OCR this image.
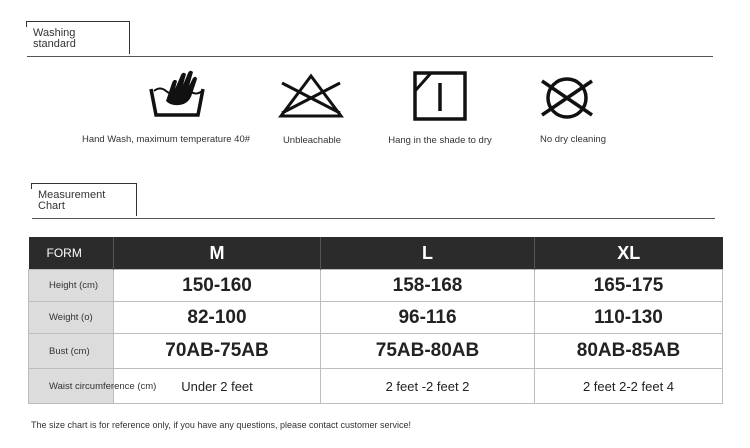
Washing standard
Hand Wash, maximum temperature 40#	Unbleachable	Hang in the shade to dry	No dry cleaning
Measurement
Chart
FORM	M	L	XL
Height (cm)	150-160	158-168	165-175
Weight (o)	82-100	96-116	110-130
Bust (cm)	70AB-75AB	75AB-80AB	80AB-85AB
Waist circumference (cm)	Under 2 feet	2 feet -2 feet 2	2 feet 2-2 feet 4
The size chart is for reference only, if you have any questions, please contact customer service!
